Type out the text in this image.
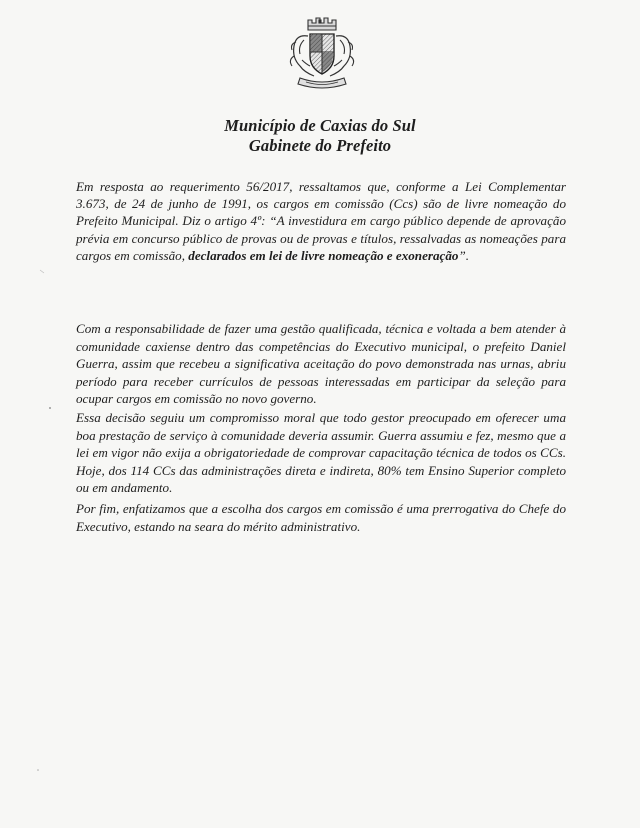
Município de Caxias do Sul
Gabinete do Prefeito
Em resposta ao requerimento 56/2017, ressaltamos que, conforme a Lei Complementar 3.673, de 24 de junho de 1991, os cargos em comissão (Ccs) são de livre nomeação do Prefeito Municipal. Diz o artigo 4º: “A investidura em cargo público depende de aprovação prévia em concurso público de provas ou de provas e títulos, ressalvadas as nomeações para cargos em comissão, declarados em lei de livre nomeação e exoneração”.
Com a responsabilidade de fazer uma gestão qualificada, técnica e voltada a bem atender à comunidade caxiense dentro das competências do Executivo municipal, o prefeito Daniel Guerra, assim que recebeu a significativa aceitação do povo demonstrada nas urnas, abriu período para receber currículos de pessoas interessadas em participar da seleção para ocupar cargos em comissão no novo governo.
Essa decisão seguiu um compromisso moral que todo gestor preocupado em oferecer uma boa prestação de serviço à comunidade deveria assumir. Guerra assumiu e fez, mesmo que a lei em vigor não exija a obrigatoriedade de comprovar capacitação técnica de todos os CCs. Hoje, dos 114 CCs das administrações direta e indireta, 80% tem Ensino Superior completo ou em andamento.
Por fim, enfatizamos que a escolha dos cargos em comissão é uma prerrogativa do Chefe do Executivo, estando na seara do mérito administrativo.
